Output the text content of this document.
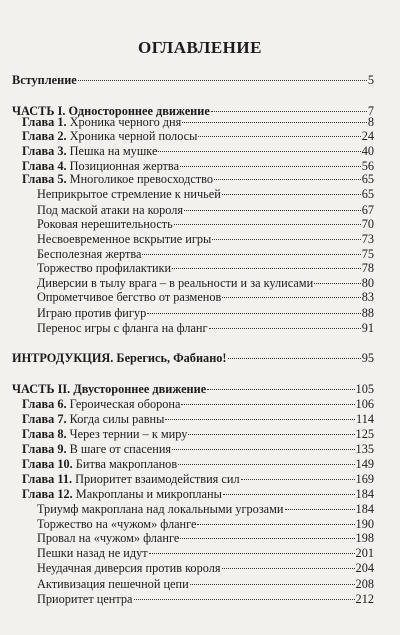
ОГЛАВЛЕНИЕ
Вступление	5
ЧАСТЬ I. Одностороннее движение	7
Глава 1. Хроника черного дня	8
Глава 2. Хроника черной полосы	24
Глава 3. Пешка на мушке	40
Глава 4. Позиционная жертва	56
Глава 5. Многоликое превосходство	65
Неприкрытое стремление к ничьей	65
Под маской атаки на короля	67
Роковая нерешительность	70
Несвоевременное вскрытие игры	73
Бесполезная жертва	75
Торжество профилактики	78
Диверсии в тылу врага – в реальности и за кулисами	80
Опрометчивое бегство от разменов	83
Играю против фигур	88
Перенос игры с фланга на фланг	91
ИНТРОДУКЦИЯ. Берегись, Фабиано!	95
ЧАСТЬ II. Двустороннее движение	105
Глава 6. Героическая оборона	106
Глава 7. Когда силы равны	114
Глава 8. Через тернии – к миру	125
Глава 9. В шаге от спасения	135
Глава 10. Битва макропланов	149
Глава 11. Приоритет взаимодействия сил	169
Глава 12. Макропланы и микропланы	184
Триумф макроплана над локальными угрозами	184
Торжество на «чужом» фланге	190
Провал на «чужом» фланге	198
Пешки назад не идут	201
Неудачная диверсия против короля	204
Активизация пешечной цепи	208
Приоритет центра	212
